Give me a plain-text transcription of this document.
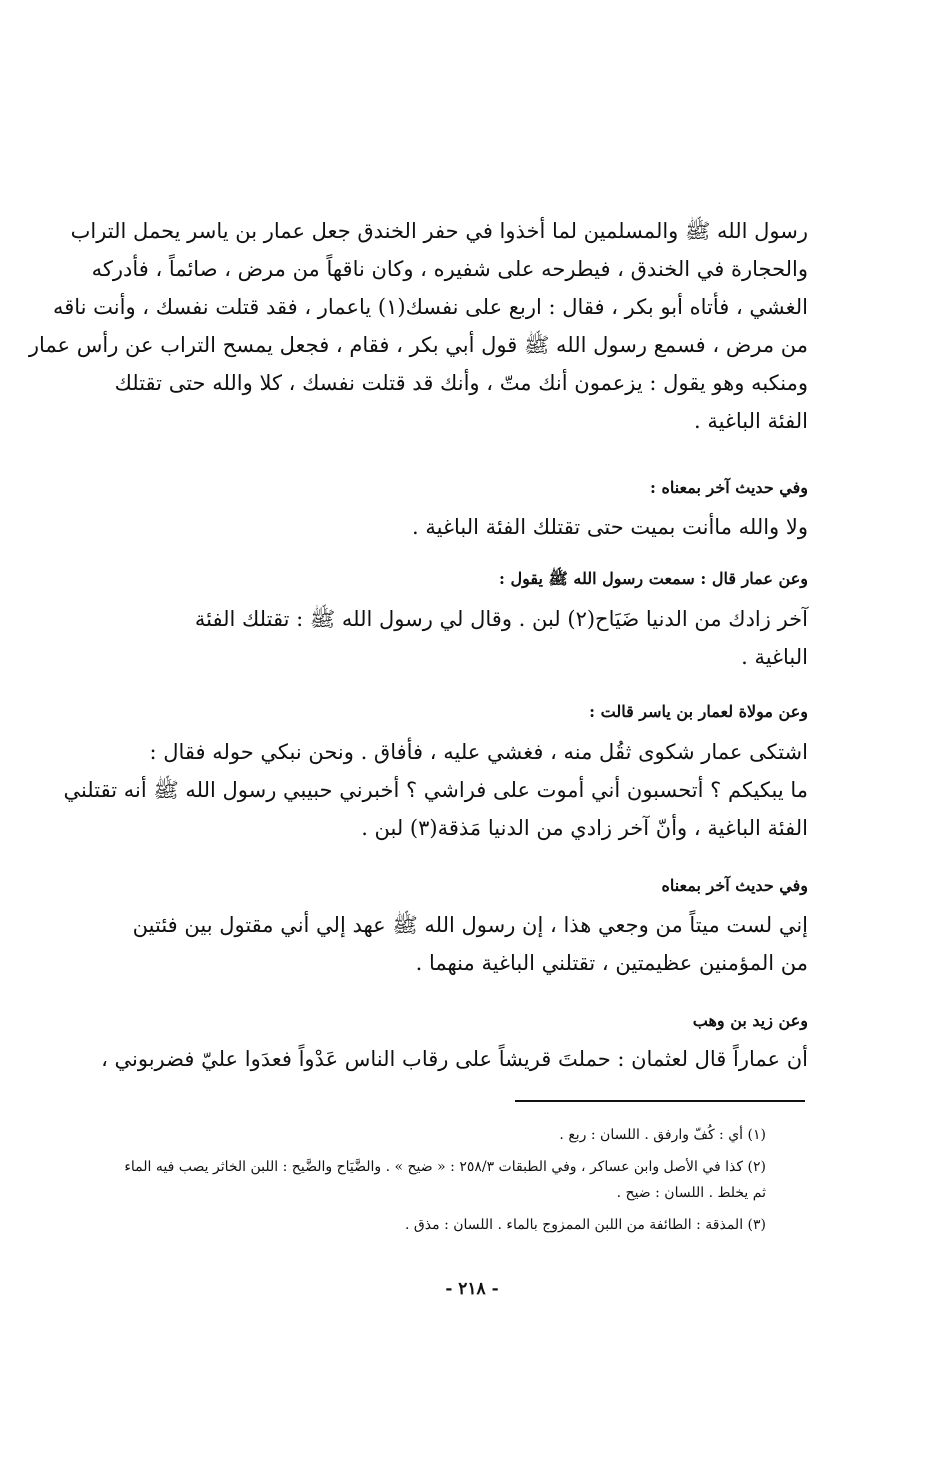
رسول الله ﷺ والمسلمين لما أخذوا في حفر الخندق جعل عمار بن ياسر يحمل التراب

والحجارة في الخندق ، فيطرحه على شفيره ، وكان ناقهاً من مرض ، صائماً ، فأدركه

الغشي ، فأتاه أبو بكر ، فقال : اربع على نفسك(١) ياعمار ، فقد قتلت نفسك ، وأنت ناقه

من مرض ، فسمع رسول الله ﷺ قول أبي بكر ، فقام ، فجعل يمسح التراب عن رأس عمار

ومنكبه وهو يقول : يزعمون أنك متّ ، وأنك قد قتلت نفسك ، كلا والله حتى تقتلك

الفئة الباغية .

وفي حديث آخر بمعناه :

ولا والله ماأنت بميت حتى تقتلك الفئة الباغية .

وعن عمار قال : سمعت رسول الله ﷺ يقول :

آخر زادك من الدنيا ضَيَاح(٢) لبن . وقال لي رسول الله ﷺ : تقتلك الفئة

الباغية .

وعن مولاة لعمار بن ياسر قالت :

اشتكى عمار شكوى ثقُل منه ، فغشي عليه ، فأفاق . ونحن نبكي حوله فقال :

ما يبكيكم ؟ أتحسبون أني أموت على فراشي ؟ أخبرني حبيبي رسول الله ﷺ أنه تقتلني

الفئة الباغية ، وأنّ آخر زادي من الدنيا مَذقة(٣) لبن .

وفي حديث آخر بمعناه

إني لست ميتاً من وجعي هذا ، إن رسول الله ﷺ عهد إلي أني مقتول بين فئتين

من المؤمنين عظيمتين ، تقتلني الباغية منهما .

وعن زيد بن وهب

أن عماراً قال لعثمان : حملتَ قريشاً على رقاب الناس عَدْواً فعدَوا عليّ فضربوني ،

(١) أي : كُفّ وارفق . اللسان : ربع .

(٢) كذا في الأصل وابن عساكر ، وفي الطبقات ٢٥٨/٣ : « ضيح » . والضَّيَاح والضَّيح : اللبن الخاثر يصب فيه الماء ثم يخلط . اللسان : ضيح .

(٣) المذقة : الطائفة من اللبن الممزوج بالماء . اللسان : مذق .

- ٢١٨ -
